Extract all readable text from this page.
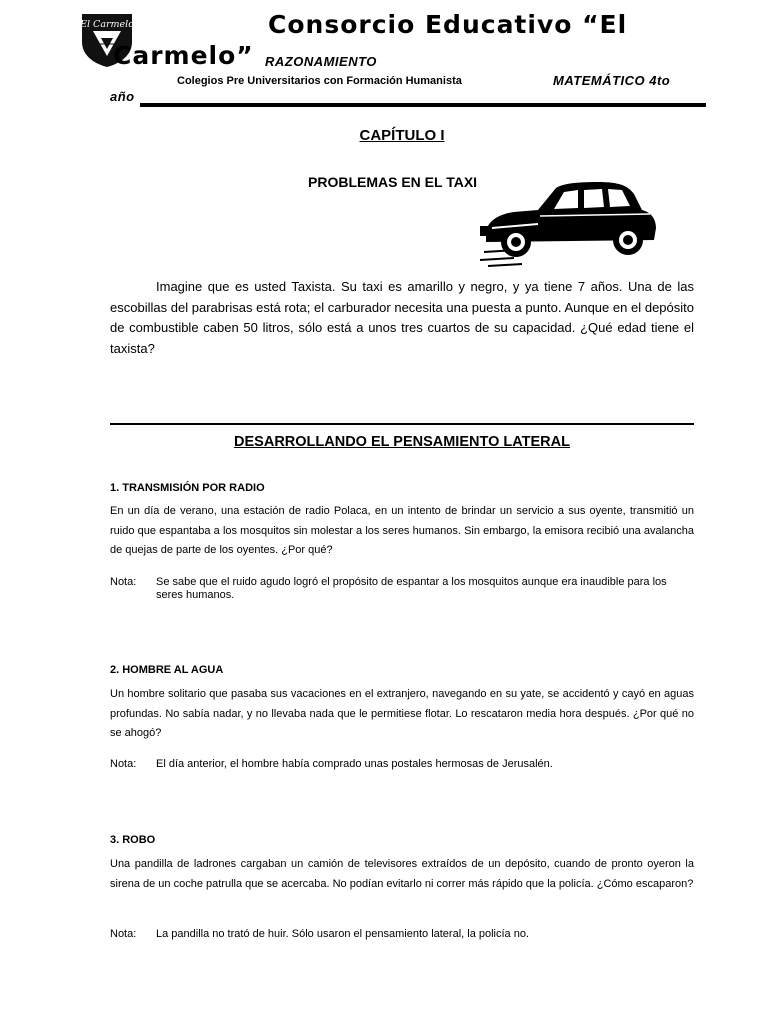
El Carmelo	Consorcio Educativo “El
Carmelo” RAZONAMIENTO
Colegios Pre Universitarios con Formación Humanista	MATEMÁTICO 4to
año
CAPÍTULO I
PROBLEMAS EN EL TAXI

Imagine que es usted Taxista. Su taxi es amarillo y negro, y ya tiene 7 años. Una de las escobillas del parabrisas está rota; el carburador necesita una puesta a punto. Aunque en el depósito de combustible caben 50 litros, sólo está a unos tres cuartos de su capacidad. ¿Qué edad tiene el taxista?

DESARROLLANDO EL PENSAMIENTO LATERAL
1. TRANSMISIÓN POR RADIO
En un día de verano, una estación de radio Polaca, en un intento de brindar un servicio a sus oyente, transmitió un ruido que espantaba a los mosquitos sin molestar a los seres humanos. Sin embargo, la emisora recibió una avalancha de quejas de parte de los oyentes. ¿Por qué?
Nota:	Se sabe que el ruido agudo logró el propósito de espantar a los mosquitos aunque era inaudible para los seres humanos.
2. HOMBRE AL AGUA
Un hombre solitario que pasaba sus vacaciones en el extranjero, navegando en su yate, se accidentó y cayó en aguas profundas. No sabía nadar, y no llevaba nada que le permitiese flotar. Lo rescataron media hora después. ¿Por qué no se ahogó?
Nota:	El día anterior, el hombre había comprado unas postales hermosas de Jerusalén.
3. ROBO
Una pandilla de ladrones cargaban un camión de televisores extraídos de un depósito, cuando de pronto oyeron la sirena de un coche patrulla que se acercaba. No podían evitarlo ni correr más rápido que la policía. ¿Cómo escaparon?
Nota:	La pandilla no trató de huir. Sólo usaron el pensamiento lateral, la policía no.
